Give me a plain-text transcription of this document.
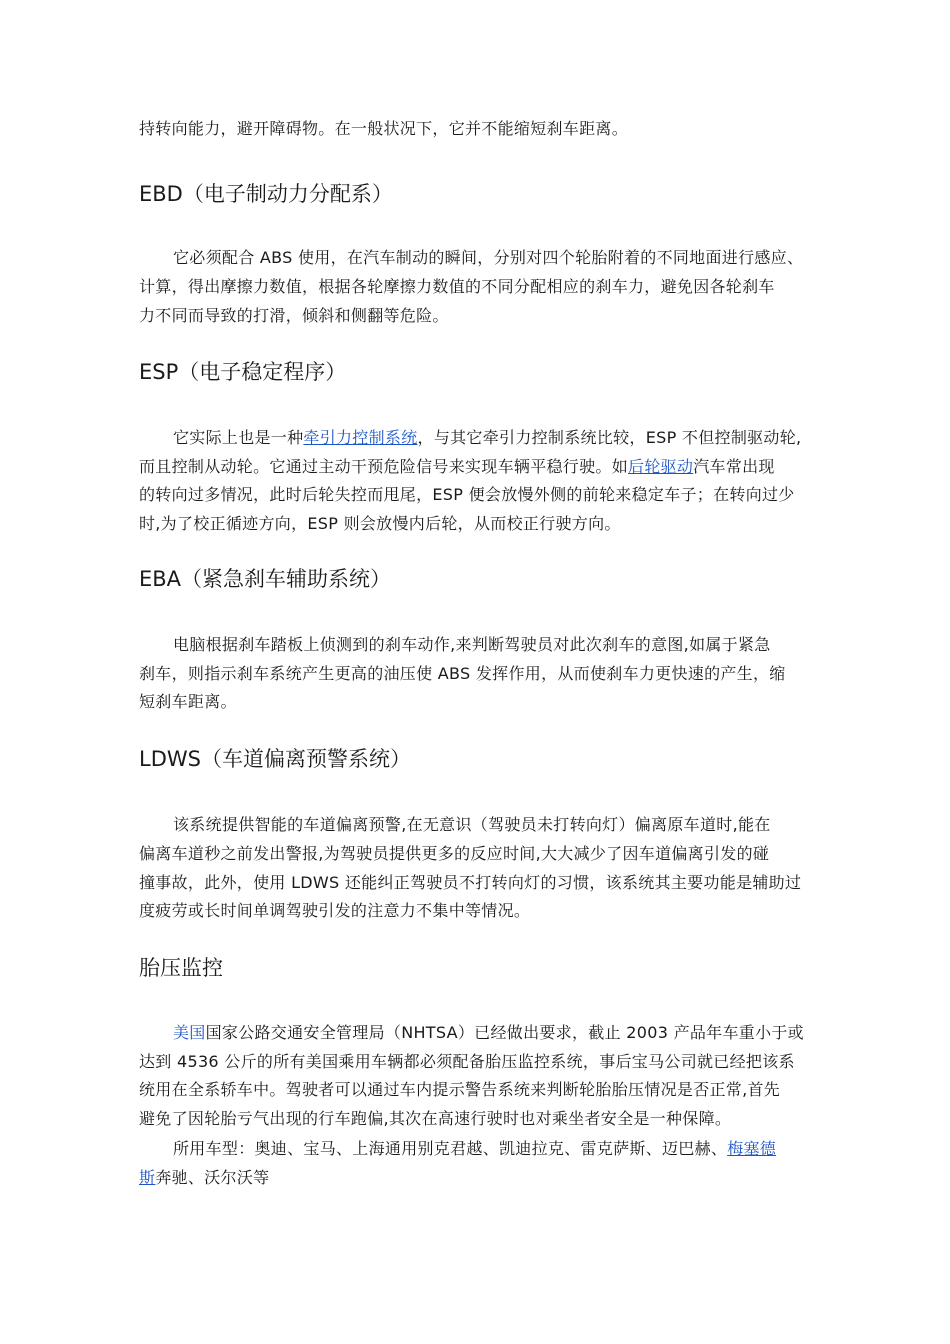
持转向能力，避开障碍物。在一般状况下，它并不能缩短刹车距离。
EBD（电子制动力分配系）
它必须配合 ABS 使用，在汽车制动的瞬间，分别对四个轮胎附着的不同地面进行感应、
计算，得出摩擦力数值，根据各轮摩擦力数值的不同分配相应的刹车力，避免因各轮刹车
力不同而导致的打滑，倾斜和侧翻等危险。
ESP（电子稳定程序）
它实际上也是一种牵引力控制系统，与其它牵引力控制系统比较，ESP 不但控制驱动轮,
而且控制从动轮。它通过主动干预危险信号来实现车辆平稳行驶。如后轮驱动汽车常出现
的转向过多情况，此时后轮失控而甩尾，ESP 便会放慢外侧的前轮来稳定车子；在转向过少
时,为了校正循迹方向，ESP 则会放慢内后轮，从而校正行驶方向。
EBA（紧急刹车辅助系统）
电脑根据刹车踏板上侦测到的刹车动作,来判断驾驶员对此次刹车的意图,如属于紧急
刹车，则指示刹车系统产生更高的油压使 ABS 发挥作用，从而使刹车力更快速的产生，缩
短刹车距离。
LDWS（车道偏离预警系统）
该系统提供智能的车道偏离预警,在无意识（驾驶员未打转向灯）偏离原车道时,能在
偏离车道秒之前发出警报,为驾驶员提供更多的反应时间,大大减少了因车道偏离引发的碰
撞事故，此外，使用 LDWS 还能纠正驾驶员不打转向灯的习惯，该系统其主要功能是辅助过
度疲劳或长时间单调驾驶引发的注意力不集中等情况。
胎压监控
美国国家公路交通安全管理局（NHTSA）已经做出要求，截止 2003 产品年车重小于或
达到 4536 公斤的所有美国乘用车辆都必须配备胎压监控系统，事后宝马公司就已经把该系
统用在全系轿车中。驾驶者可以通过车内提示警告系统来判断轮胎胎压情况是否正常,首先
避免了因轮胎亏气出现的行车跑偏,其次在高速行驶时也对乘坐者安全是一种保障。
所用车型：奥迪、宝马、上海通用别克君越、凯迪拉克、雷克萨斯、迈巴赫、梅塞德
斯奔驰、沃尔沃等
